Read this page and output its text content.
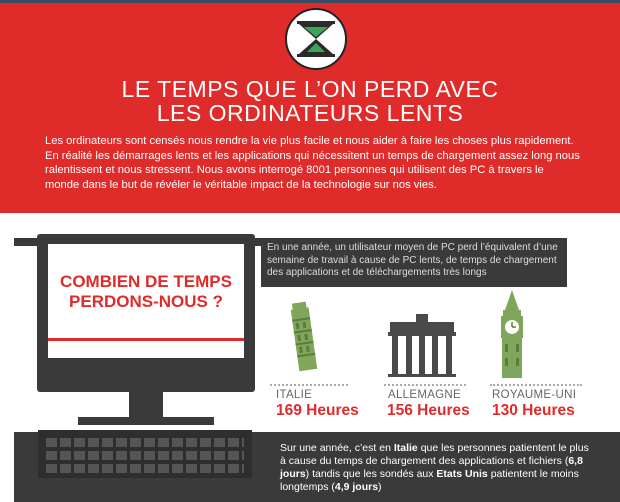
LE TEMPS QUE L’ON PERD AVEC
LES ORDINATEURS LENTS
Les ordinateurs sont censés nous rendre la vie plus facile et nous aider à faire les choses plus rapidement. En réalité les démarrages lents et les applications qui nécessitent un temps de chargement assez long nous ralentissent et nous stressent. Nous avons interrogé 8001 personnes qui utilisent des PC à travers le monde dans le but de révéler le véritable impact de la technologie sur nos vies.
COMBIEN DE TEMPS
PERDONS-NOUS ?
En une année, un utilisateur moyen de PC perd l’équivalent d’une semaine de travail à cause de PC lents, de temps de chargement des applications et de téléchargements très longs
ITALIE
169 Heures
ALLEMAGNE
156 Heures
ROYAUME-UNI
130 Heures
Sur une année, c’est en Italie que les personnes patientent le plus à cause du temps de chargement des applications et fichiers (6,8 jours) tandis que les sondés aux Etats Unis patientent le moins longtemps (4,9 jours)
